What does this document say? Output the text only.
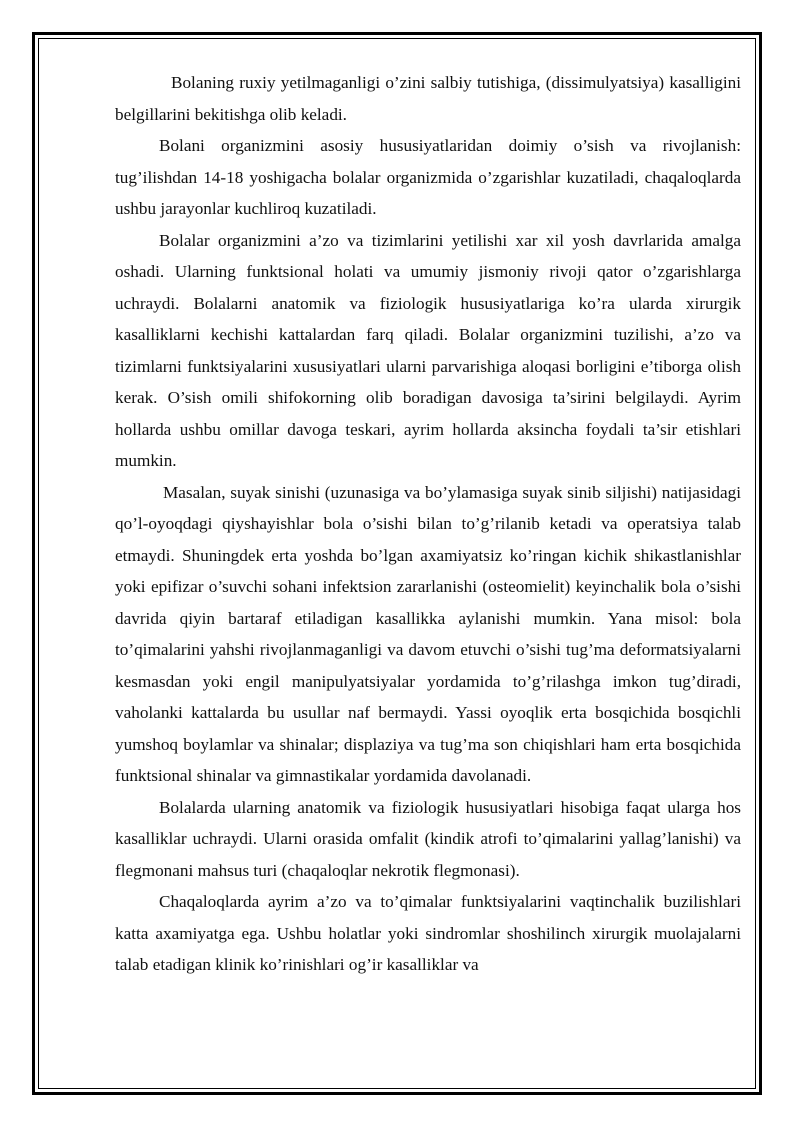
Bolaning ruxiy yetilmaganligi o’zini salbiy tutishiga, (dissimulyatsiya) kasalligini belgillarini bekitishga olib keladi.

Bolani organizmini asosiy hususiyatlaridan doimiy o’sish va rivojlanish: tug’ilishdan 14-18 yoshigacha bolalar organizmida o’zgarishlar kuzatiladi, chaqaloqlarda ushbu jarayonlar kuchliroq kuzatiladi.

Bolalar organizmini a’zo va tizimlarini yetilishi xar xil yosh davrlarida amalga oshadi. Ularning funktsional holati va umumiy jismoniy rivoji qator o’zgarishlarga uchraydi. Bolalarni anatomik va fiziologik hususiyatlariga ko’ra ularda xirurgik kasalliklarni kechishi kattalardan farq qiladi. Bolalar organizmini tuzilishi, a’zo va tizimlarni funktsiyalarini xususiyatlari ularni parvarishiga aloqasi borligini e’tiborga olish kerak. O’sish omili shifokorning olib boradigan davosiga ta’sirini belgilaydi. Ayrim hollarda ushbu omillar davoga teskari, ayrim hollarda aksincha foydali ta’sir etishlari mumkin.

Masalan, suyak sinishi (uzunasiga va bo’ylamasiga suyak sinib siljishi) natijasidagi qo’l-oyoqdagi qiyshayishlar bola o’sishi bilan to’g’rilanib ketadi va operatsiya talab etmaydi. Shuningdek erta yoshda bo’lgan axamiyatsiz ko’ringan kichik shikastlanishlar yoki epifizar o’suvchi sohani infektsion zararlanishi (osteomielit) keyinchalik bola o’sishi davrida qiyin bartaraf etiladigan kasallikka aylanishi mumkin. Yana misol: bola to’qimalarini yahshi rivojlanmaganligi va davom etuvchi o’sishi tug’ma deformatsiyalarni kesmasdan yoki engil manipulyatsiyalar yordamida to’g’rilashga imkon tug’diradi, vaholanki kattalarda bu usullar naf bermaydi. Yassi oyoqlik erta bosqichida bosqichli yumshoq boylamlar va shinalar; displaziya va tug’ma son chiqishlari ham erta bosqichida funktsional shinalar va gimnastikalar yordamida davolanadi.

Bolalarda ularning anatomik va fiziologik hususiyatlari hisobiga faqat ularga hos kasalliklar uchraydi. Ularni orasida omfalit (kindik atrofi to’qimalarini yallag’lanishi) va flegmonani mahsus turi (chaqaloqlar nekrotik flegmonasi).

Chaqaloqlarda ayrim a’zo va to’qimalar funktsiyalarini vaqtinchalik buzilishlari katta axamiyatga ega. Ushbu holatlar yoki sindromlar shoshilinch xirurgik muolajalarni talab etadigan klinik ko’rinishlari og’ir kasalliklar va
